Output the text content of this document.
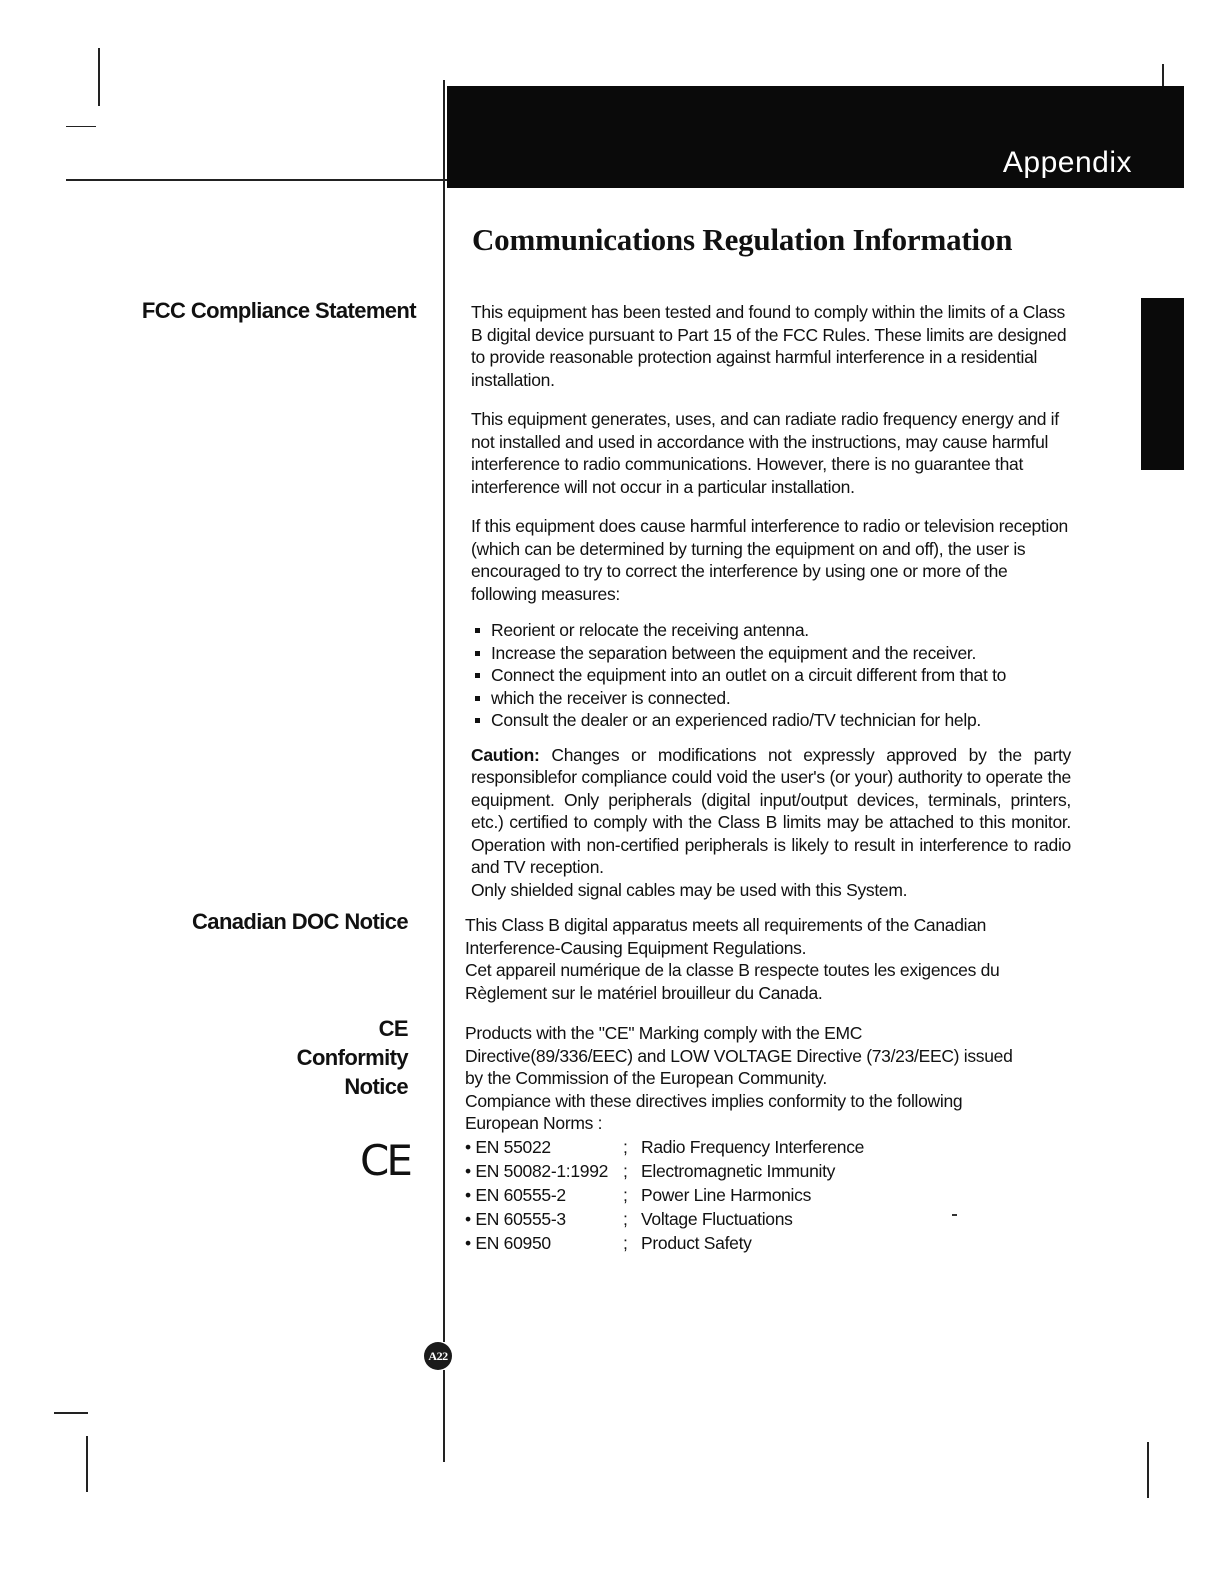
Appendix
Communications Regulation Information
FCC Compliance Statement	This equipment has been tested and found to comply within the limits of a Class B digital device pursuant to Part 15 of the FCC Rules. These limits are designed to provide reasonable protection against harmful interference in a residential installation.

This equipment generates, uses, and can radiate radio frequency energy and if not installed and used in accordance with the instructions, may cause harmful interference to radio communications. However, there is no guarantee that interference will not occur in a particular installation.

If this equipment does cause harmful interference to radio or television reception (which can be determined by turning the equipment on and off), the user is encouraged to try to correct the interference by using one or more of the following measures:

Reorient or relocate the receiving antenna.
Increase the separation between the equipment and the receiver.
Connect the equipment into an outlet on a circuit different from that to
which the receiver is connected.
Consult the dealer or an experienced radio/TV technician for help.

Caution: Changes or modifications not expressly approved by the party responsiblefor compliance could void the user's (or your) authority to operate the equipment. Only peripherals (digital input/output devices, terminals, printers, etc.) certified to comply with the Class B limits may be attached to this monitor. Operation with non-certified peripherals is likely to result in interference to radio and TV reception.

Only shielded signal cables may be used with this System.

Canadian DOC Notice	This Class B digital apparatus meets all requirements of the Canadian

Interference-Causing Equipment Regulations.

Cet appareil numérique de la classe B respecte toutes les exigences du

Règlement sur le matériel brouilleur du Canada.

CE
Conformity
Notice
CE

Products with the "CE" Marking comply with the EMC

Directive(89/336/EEC) and LOW VOLTAGE Directive (73/23/EEC) issued

by the Commission of the European Community.

Compiance with these directives implies conformity to the following

European Norms :

• EN 55022	; Radio Frequency Interference
• EN 50082-1:1992 ; Electromagnetic Immunity
• EN 60555-2	; Power Line Harmonics
• EN 60555-3	; Voltage Fluctuations
• EN 60950	; Product Safety
A22
